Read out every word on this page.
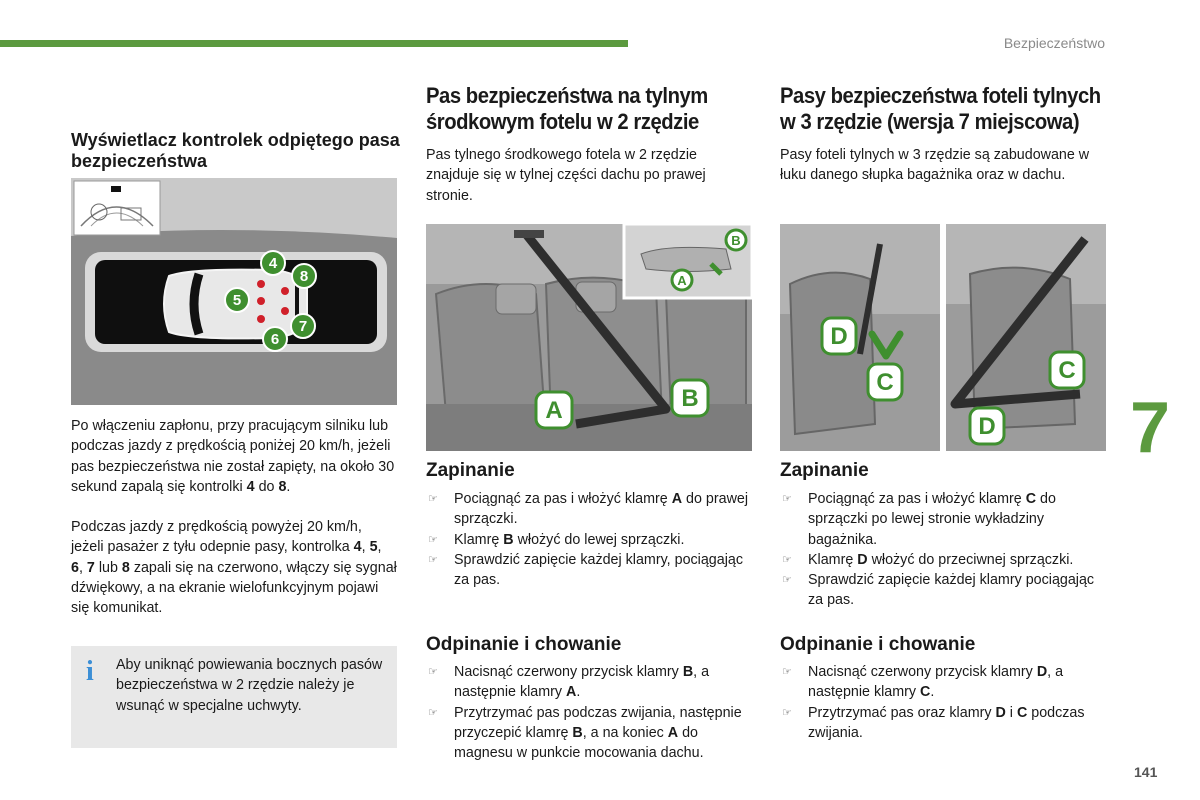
Bezpieczeństwo
Wyświetlacz kontrolek odpiętego pasa bezpieczeństwa
4
5
6
7
8
Po włączeniu zapłonu, przy pracującym silniku lub podczas jazdy z prędkością poniżej 20 km/h, jeżeli pas bezpieczeństwa nie został zapięty, na około 30 sekund zapalą się kontrolki 4 do 8.
Podczas jazdy z prędkością powyżej 20 km/h, jeżeli pasażer z tyłu odepnie pasy, kontrolka 4, 5, 6, 7 lub 8 zapali się na czerwono, włączy się sygnał dźwiękowy, a na ekranie wielofunkcyjnym pojawi się komunikat.
i Aby uniknąć powiewania bocznych pasów bezpieczeństwa w 2 rzędzie należy je wsunąć w specjalne uchwyty.
Pas bezpieczeństwa na tylnym
środkowym fotelu w 2 rzędzie
Pas tylnego środkowego fotela w 2 rzędzie znajduje się w tylnej części dachu po prawej stronie.
B
A
A	B
Zapinanie
☞ Pociągnąć za pas i włożyć klamrę A do prawej sprzączki.
☞ Klamrę B włożyć do lewej sprzączki.
☞ Sprawdzić zapięcie każdej klamry, pociągając za pas.
Odpinanie i chowanie
☞ Nacisnąć czerwony przycisk klamry B, a następnie klamry A.
☞ Przytrzymać pas podczas zwijania, następnie przyczepić klamrę B, a na koniec A do magnesu w punkcie mocowania dachu.
Pasy bezpieczeństwa foteli tylnych
w 3 rzędzie (wersja 7 miejscowa)
Pasy foteli tylnych w 3 rzędzie są zabudowane w łuku danego słupka bagażnika oraz w dachu.
D
C	C
D
Zapinanie
☞ Pociągnąć za pas i włożyć klamrę C do sprzączki po lewej stronie wykładziny bagażnika.
☞ Klamrę D włożyć do przeciwnej sprzączki.
☞ Sprawdzić zapięcie każdej klamry pociągając za pas.
Odpinanie i chowanie
☞ Nacisnąć czerwony przycisk klamry D, a następnie klamry C.
☞ Przytrzymać pas oraz klamry D i C podczas zwijania.
7
141
